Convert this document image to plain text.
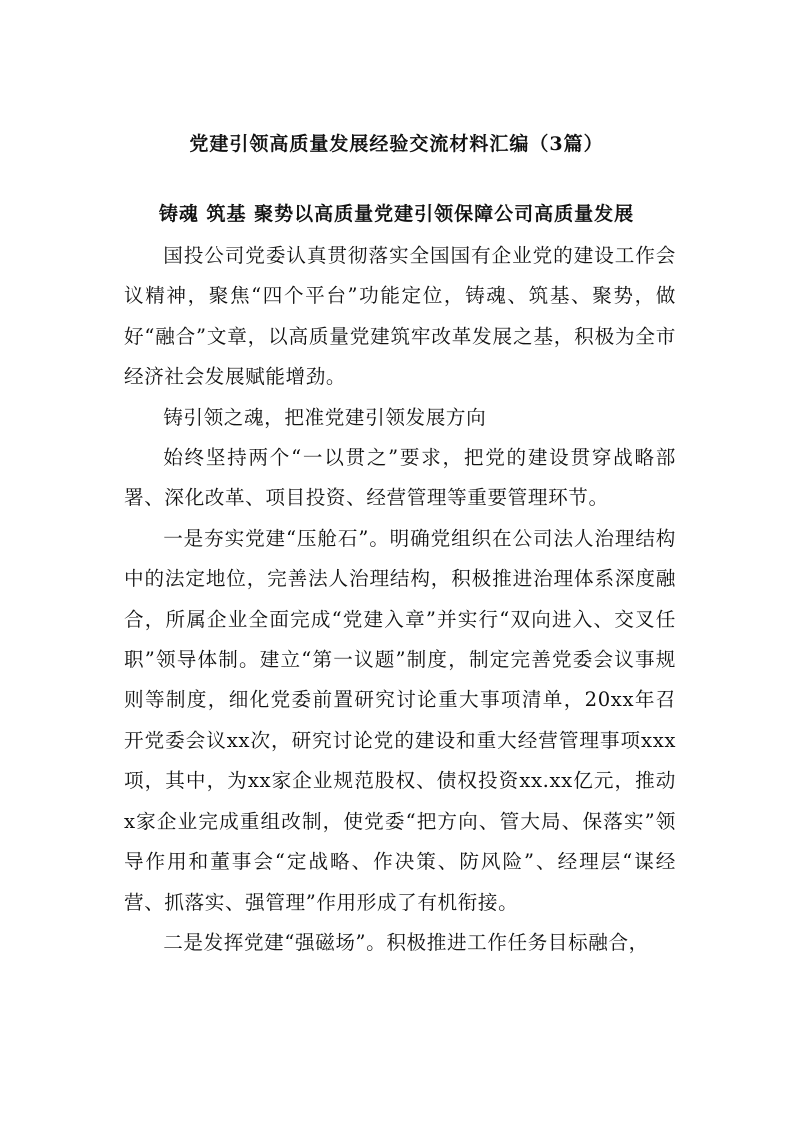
党建引领高质量发展经验交流材料汇编（3篇）
铸魂 筑基 聚势以高质量党建引领保障公司高质量发展

国投公司党委认真贯彻落实全国国有企业党的建设工作会议精神，聚焦“四个平台”功能定位，铸魂、筑基、聚势，做好“融合”文章，以高质量党建筑牢改革发展之基，积极为全市经济社会发展赋能增劲。

铸引领之魂，把准党建引领发展方向

始终坚持两个“一以贯之”要求，把党的建设贯穿战略部署、深化改革、项目投资、经营管理等重要管理环节。

一是夯实党建“压舱石”。明确党组织在公司法人治理结构中的法定地位，完善法人治理结构，积极推进治理体系深度融合，所属企业全面完成“党建入章”并实行“双向进入、交叉任职”领导体制。建立“第一议题”制度，制定完善党委会议事规则等制度，细化党委前置研究讨论重大事项清单，20xx年召开党委会议xx次，研究讨论党的建设和重大经营管理事项xxx项，其中，为xx家企业规范股权、债权投资xx.xx亿元，推动x家企业完成重组改制，使党委“把方向、管大局、保落实”领导作用和董事会“定战略、作决策、防风险”、经理层“谋经营、抓落实、强管理”作用形成了有机衔接。

二是发挥党建“强磁场”。积极推进工作任务目标融合，
